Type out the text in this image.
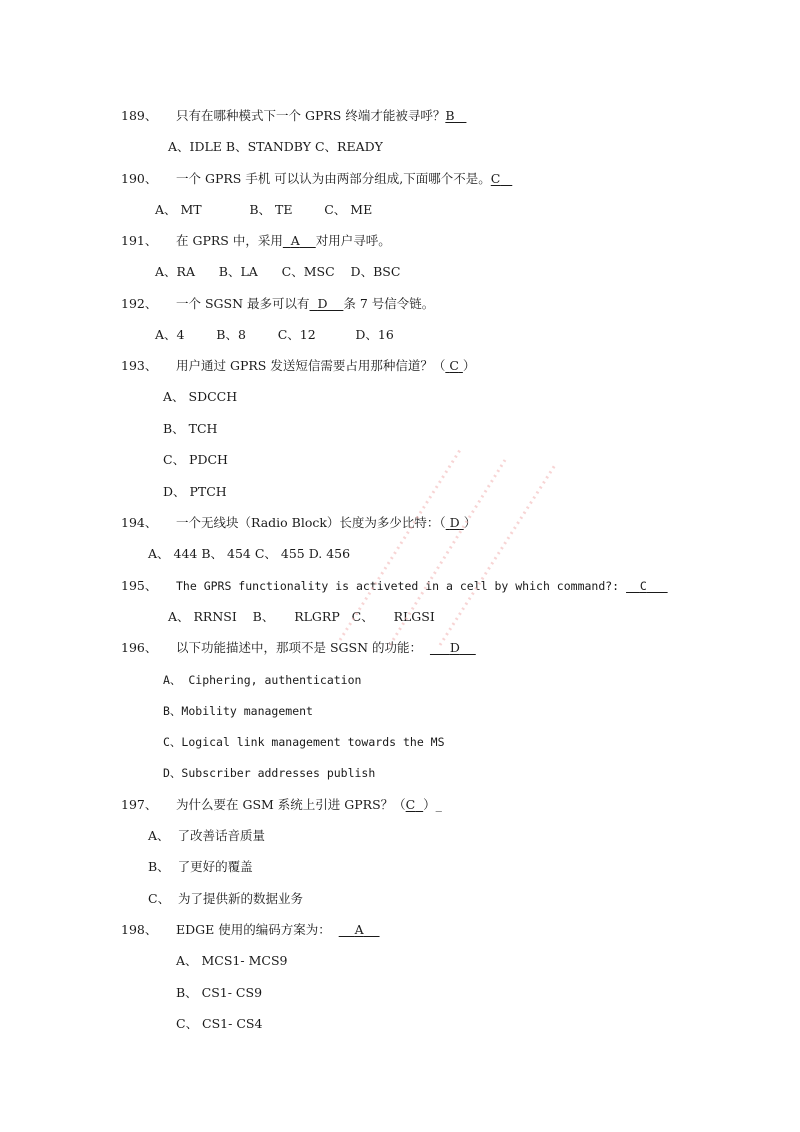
189、 只有在哪种模式下一个 GPRS 终端才能被寻呼？B
A、IDLE B、STANDBY C、READY
190、 一个 GPRS 手机 可以认为由两部分组成,下面哪个不是。C
A、 MT            B、 TE        C、 ME
191、 在 GPRS 中，采用 A 对用户寻呼。
A、RA      B、LA      C、MSC    D、BSC
192、 一个 SGSN 最多可以有 D 条 7 号信令链。
A、4        B、8        C、12          D、16
193、 用户通过 GPRS 发送短信需要占用那种信道？（ C ）
A、 SDCCH
B、 TCH
C、 PDCH
D、 PTCH
194、 一个无线块（Radio Block）长度为多少比特：（ D ）
A、 444 B、 454 C、 455 D. 456
195、 The GPRS functionality is activeted in a cell by which command?:   C
A、 RRNSI    B、     RLGRP   C、     RLGSI
196、 以下功能描述中，那项不是 SGSN 的功能：       D
A、 Ciphering, authentication
B、Mobility management
C、Logical link management towards the MS
D、Subscriber addresses publish
197、 为什么要在 GSM 系统上引进 GPRS？（C ）_
A、  了改善话音质量
B、  了更好的覆盖
C、  为了提供新的数据业务
198、 EDGE 使用的编码方案为：      A
A、 MCS1- MCS9
B、 CS1- CS9
C、 CS1- CS4
